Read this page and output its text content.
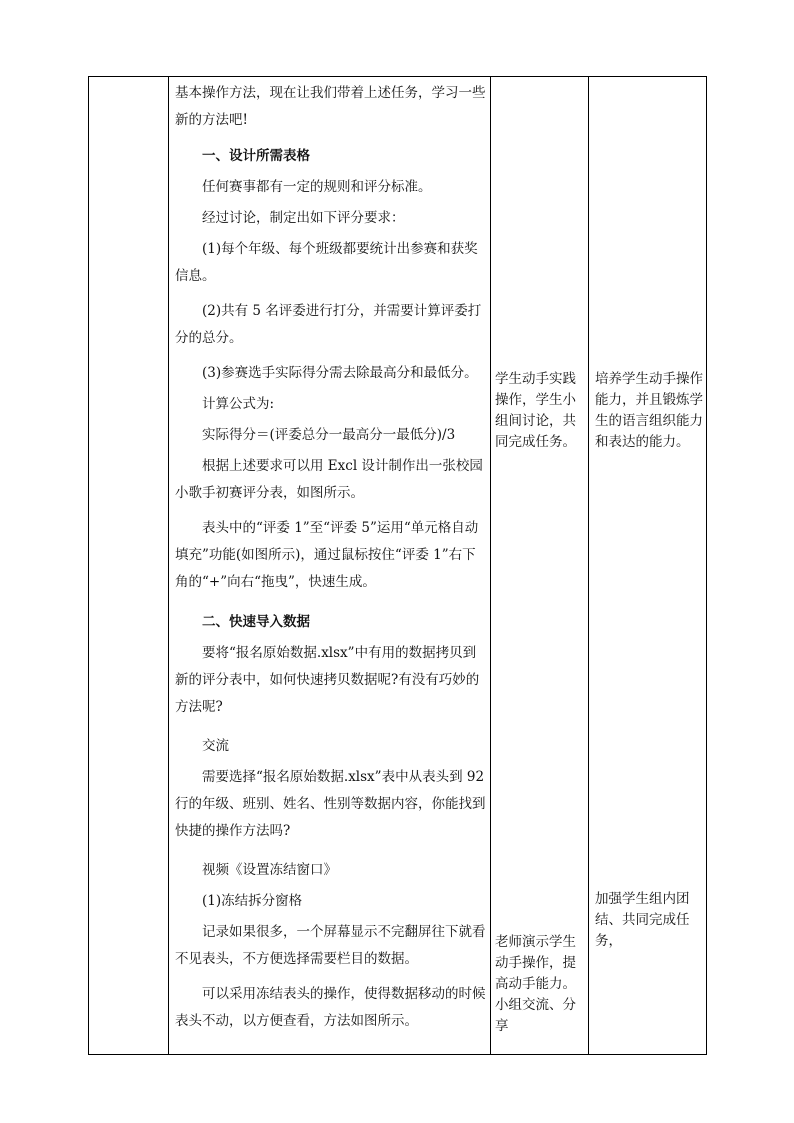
基本操作方法，现在让我们带着上述任务，学习一些新的方法吧!

一、设计所需表格

任何赛事都有一定的规则和评分标准。

经过讨论，制定出如下评分要求：

(1)每个年级、每个班级都要统计出参赛和获奖信息。

(2)共有 5 名评委进行打分，并需要计算评委打分的总分。

(3)参赛选手实际得分需去除最高分和最低分。

计算公式为:

实际得分＝(评委总分一最高分一最低分)/3

根据上述要求可以用 Excl 设计制作出一张校园小歌手初赛评分表，如图所示。

表头中的“评委 1”至“评委 5”运用“单元格自动填充”功能(如图所示)，通过鼠标按住“评委 1”右下角的“+”向右“拖曳”，快速生成。

二、快速导入数据

要将“报名原始数据.xlsx”中有用的数据拷贝到新的评分表中，如何快速拷贝数据呢?有没有巧妙的方法呢?

交流

需要选择“报名原始数据.xlsx”表中从表头到 92 行的年级、班别、姓名、性别等数据内容，你能找到快捷的操作方法吗?

视频《设置冻结窗口》

(1)冻结拆分窗格

记录如果很多，一个屏幕显示不完翻屏往下就看不见表头，不方便选择需要栏目的数据。

可以采用冻结表头的操作，使得数据移动的时候表头不动，以方便查看，方法如图所示。

学生动手实践操作，学生小组间讨论，共同完成任务。

老师演示学生动手操作，提高动手能力。小组交流、分享

培养学生动手操作能力，并且锻炼学生的语言组织能力和表达的能力。

加强学生组内团结、共同完成任务，
